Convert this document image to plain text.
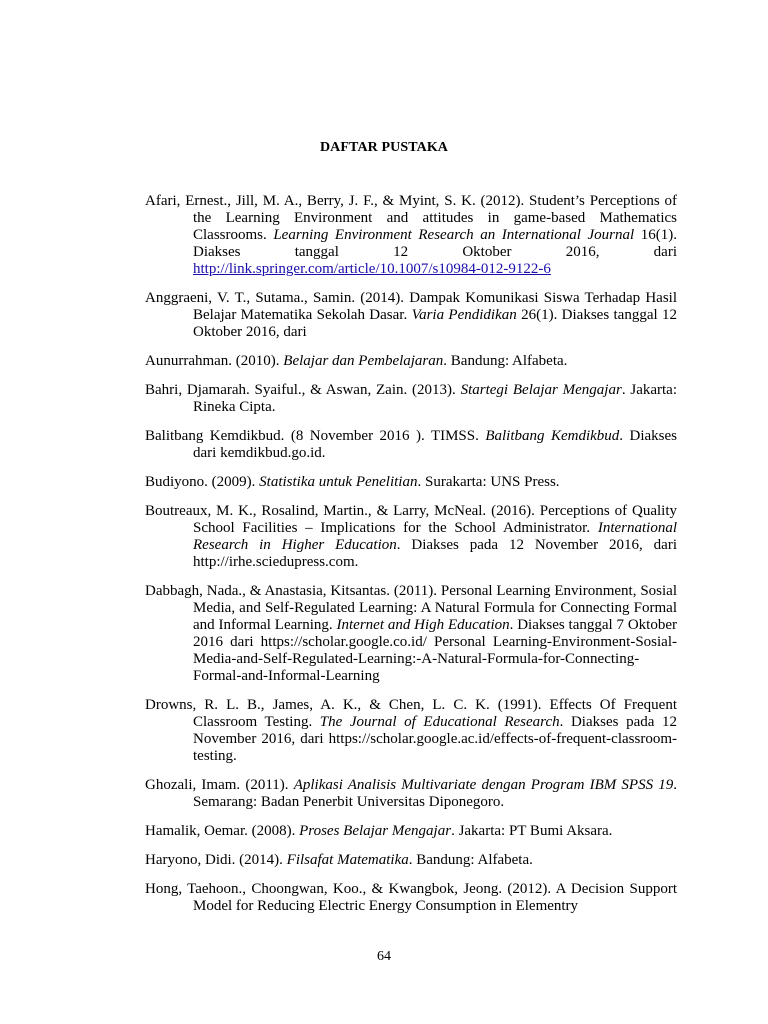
DAFTAR PUSTAKA

Afari, Ernest., Jill, M. A., Berry, J. F., & Myint, S. K. (2012). Student’s Perceptions of the Learning Environment and attitudes in game-based Mathematics Classrooms. Learning Environment Research an International Journal 16(1). Diakses tanggal 12 Oktober 2016, dari http://link.springer.com/article/10.1007/s10984-012-9122-6

Anggraeni, V. T., Sutama., Samin. (2014). Dampak Komunikasi Siswa Terhadap Hasil Belajar Matematika Sekolah Dasar. Varia Pendidikan 26(1). Diakses tanggal 12 Oktober 2016, dari

Aunurrahman. (2010). Belajar dan Pembelajaran. Bandung: Alfabeta.

Bahri, Djamarah. Syaiful., & Aswan, Zain. (2013). Startegi Belajar Mengajar. Jakarta: Rineka Cipta.

Balitbang Kemdikbud. (8 November 2016 ). TIMSS. Balitbang Kemdikbud. Diakses dari kemdikbud.go.id.

Budiyono. (2009). Statistika untuk Penelitian. Surakarta: UNS Press.

Boutreaux, M. K., Rosalind, Martin., & Larry, McNeal. (2016). Perceptions of Quality School Facilities – Implications for the School Administrator. International Research in Higher Education. Diakses pada 12 November 2016, dari http://irhe.sciedupress.com.

Dabbagh, Nada., & Anastasia, Kitsantas. (2011). Personal Learning Environment, Sosial Media, and Self-Regulated Learning: A Natural Formula for Connecting Formal and Informal Learning. Internet and High Education. Diakses tanggal 7 Oktober 2016 dari https://scholar.google.co.id/ Personal Learning-Environment-Sosial-Media-and-Self-Regulated-Learning:-A-Natural-Formula-for-Connecting-Formal-and-Informal-Learning

Drowns, R. L. B., James, A. K., & Chen, L. C. K. (1991). Effects Of Frequent Classroom Testing. The Journal of Educational Research. Diakses pada 12 November 2016, dari https://scholar.google.ac.id/effects-of-frequent-classroom-testing.

Ghozali, Imam. (2011). Aplikasi Analisis Multivariate dengan Program IBM SPSS 19. Semarang: Badan Penerbit Universitas Diponegoro.

Hamalik, Oemar. (2008). Proses Belajar Mengajar. Jakarta: PT Bumi Aksara.

Haryono, Didi. (2014). Filsafat Matematika. Bandung: Alfabeta.

Hong, Taehoon., Choongwan, Koo., & Kwangbok, Jeong. (2012). A Decision Support Model for Reducing Electric Energy Consumption in Elementry

64
